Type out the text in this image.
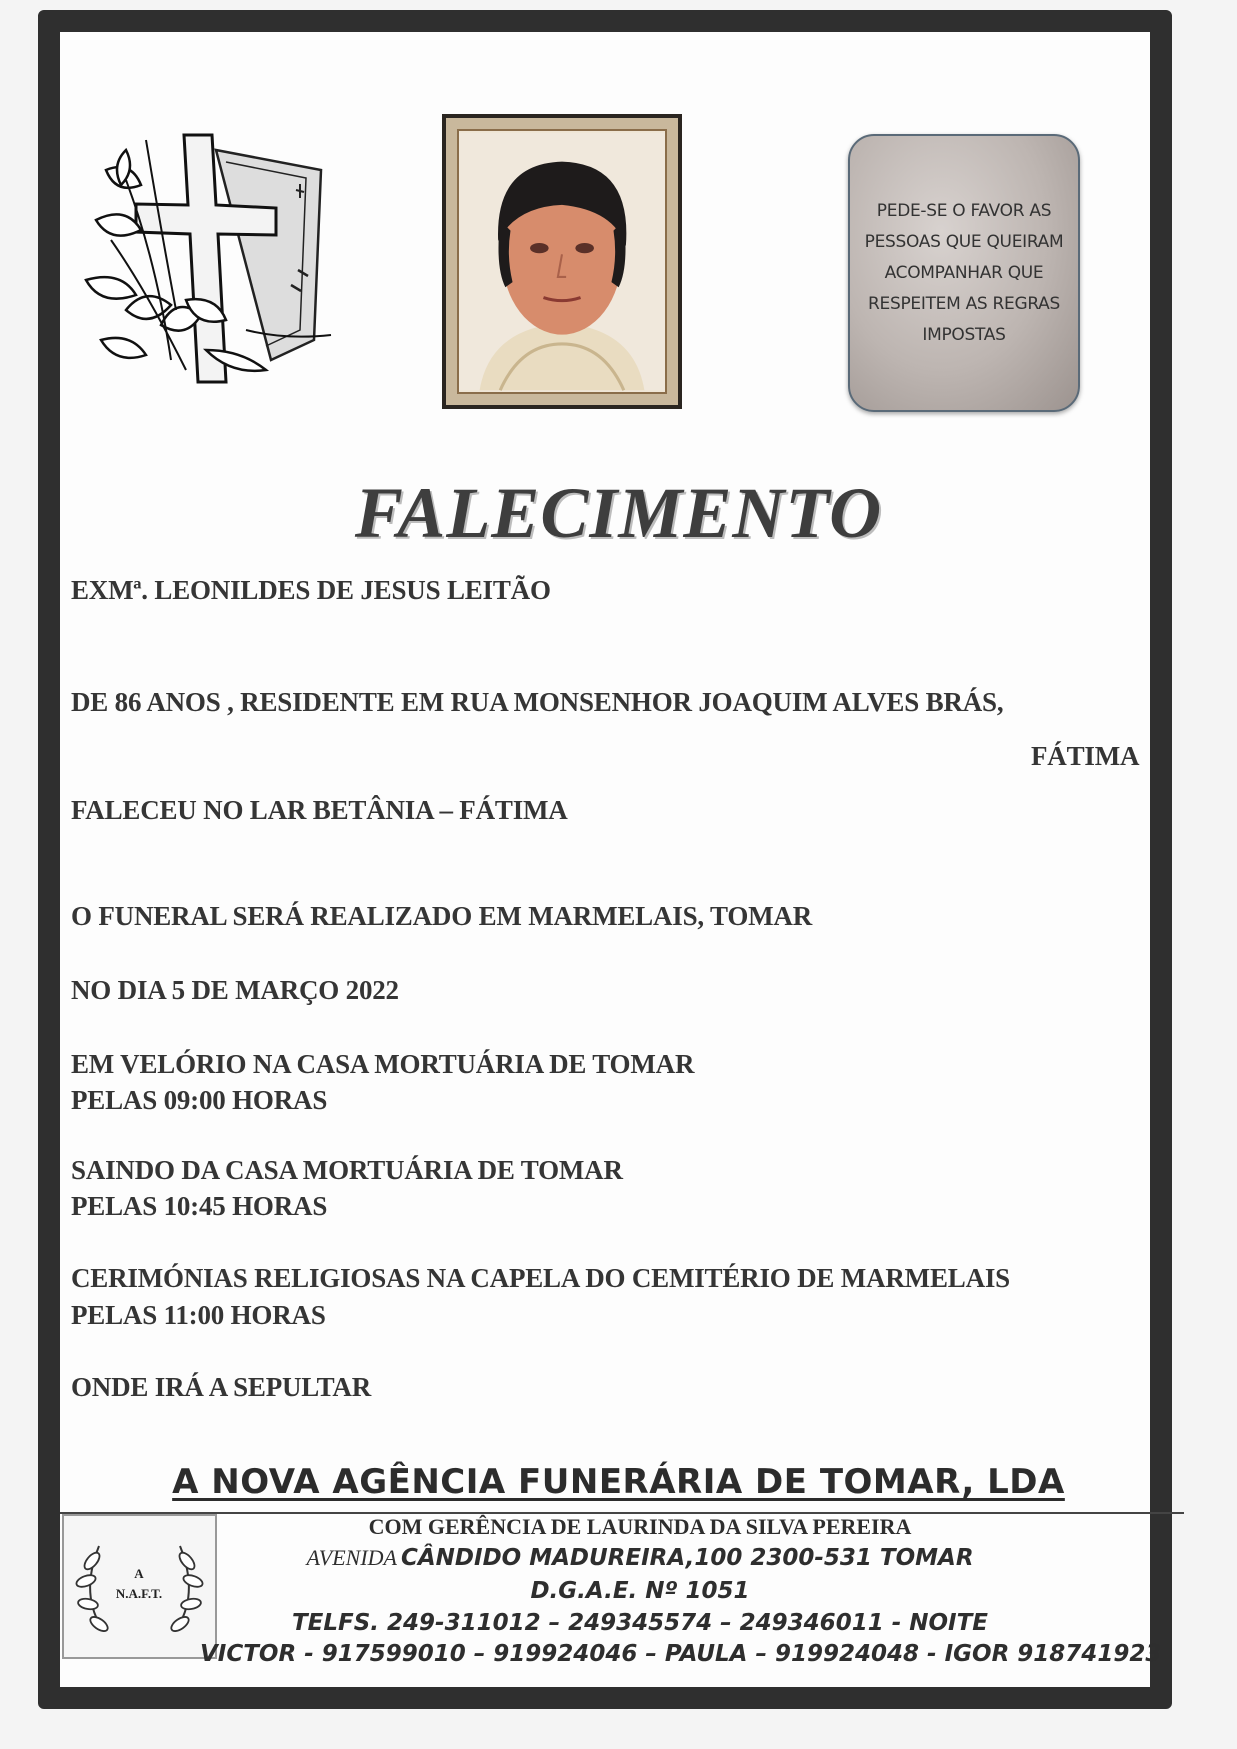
PEDE-SE O FAVOR AS PESSOAS QUE QUEIRAM ACOMPANHAR QUE RESPEITEM AS REGRAS IMPOSTAS
FALECIMENTO
EXMª. LEONILDES DE JESUS LEITÃO
DE 86 ANOS , RESIDENTE EM RUA MONSENHOR JOAQUIM ALVES BRÁS,
FÁTIMA
FALECEU NO LAR BETÂNIA – FÁTIMA
O FUNERAL SERÁ REALIZADO EM MARMELAIS, TOMAR
NO DIA 5 DE MARÇO 2022
EM VELÓRIO NA CASA MORTUÁRIA DE TOMAR
PELAS 09:00 HORAS
SAINDO DA CASA MORTUÁRIA DE TOMAR
PELAS 10:45 HORAS
CERIMÓNIAS RELIGIOSAS NA CAPELA DO CEMITÉRIO DE MARMELAIS
PELAS 11:00 HORAS
ONDE IRÁ A SEPULTAR
A NOVA AGÊNCIA FUNERÁRIA DE TOMAR, LDA
A
N.A.F.T.
COM GERÊNCIA DE LAURINDA DA SILVA PEREIRA
AVENIDA CÂNDIDO MADUREIRA,100 2300-531 TOMAR
D.G.A.E. Nº 1051
TELFS. 249-311012 – 249345574 – 249346011 - NOITE
VICTOR - 917599010 – 919924046 – PAULA – 919924048 - IGOR 918741923
